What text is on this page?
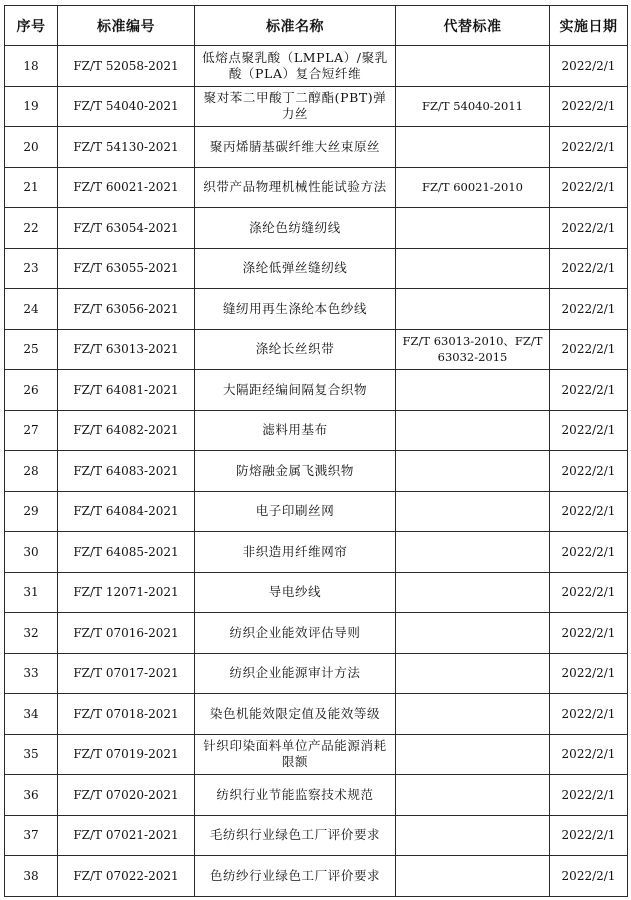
序号	标准编号	标准名称	代替标准	实施日期
18	FZ/T 52058-2021	低熔点聚乳酸（LMPLA）/聚乳酸（PLA）复合短纤维		2022/2/1
19	FZ/T 54040-2021	聚对苯二甲酸丁二醇酯(PBT)弹力丝	FZ/T 54040-2011	2022/2/1
20	FZ/T 54130-2021	聚丙烯腈基碳纤维大丝束原丝		2022/2/1
21	FZ/T 60021-2021	织带产品物理机械性能试验方法	FZ/T 60021-2010	2022/2/1
22	FZ/T 63054-2021	涤纶色纺缝纫线		2022/2/1
23	FZ/T 63055-2021	涤纶低弹丝缝纫线		2022/2/1
24	FZ/T 63056-2021	缝纫用再生涤纶本色纱线		2022/2/1
25	FZ/T 63013-2021	涤纶长丝织带	FZ/T 63013-2010、FZ/T 63032-2015	2022/2/1
26	FZ/T 64081-2021	大隔距经编间隔复合织物		2022/2/1
27	FZ/T 64082-2021	滤料用基布		2022/2/1
28	FZ/T 64083-2021	防熔融金属飞溅织物		2022/2/1
29	FZ/T 64084-2021	电子印刷丝网		2022/2/1
30	FZ/T 64085-2021	非织造用纤维网帘		2022/2/1
31	FZ/T 12071-2021	导电纱线		2022/2/1
32	FZ/T 07016-2021	纺织企业能效评估导则		2022/2/1
33	FZ/T 07017-2021	纺织企业能源审计方法		2022/2/1
34	FZ/T 07018-2021	染色机能效限定值及能效等级		2022/2/1
35	FZ/T 07019-2021	针织印染面料单位产品能源消耗限额		2022/2/1
36	FZ/T 07020-2021	纺织行业节能监察技术规范		2022/2/1
37	FZ/T 07021-2021	毛纺织行业绿色工厂评价要求		2022/2/1
38	FZ/T 07022-2021	色纺纱行业绿色工厂评价要求		2022/2/1
